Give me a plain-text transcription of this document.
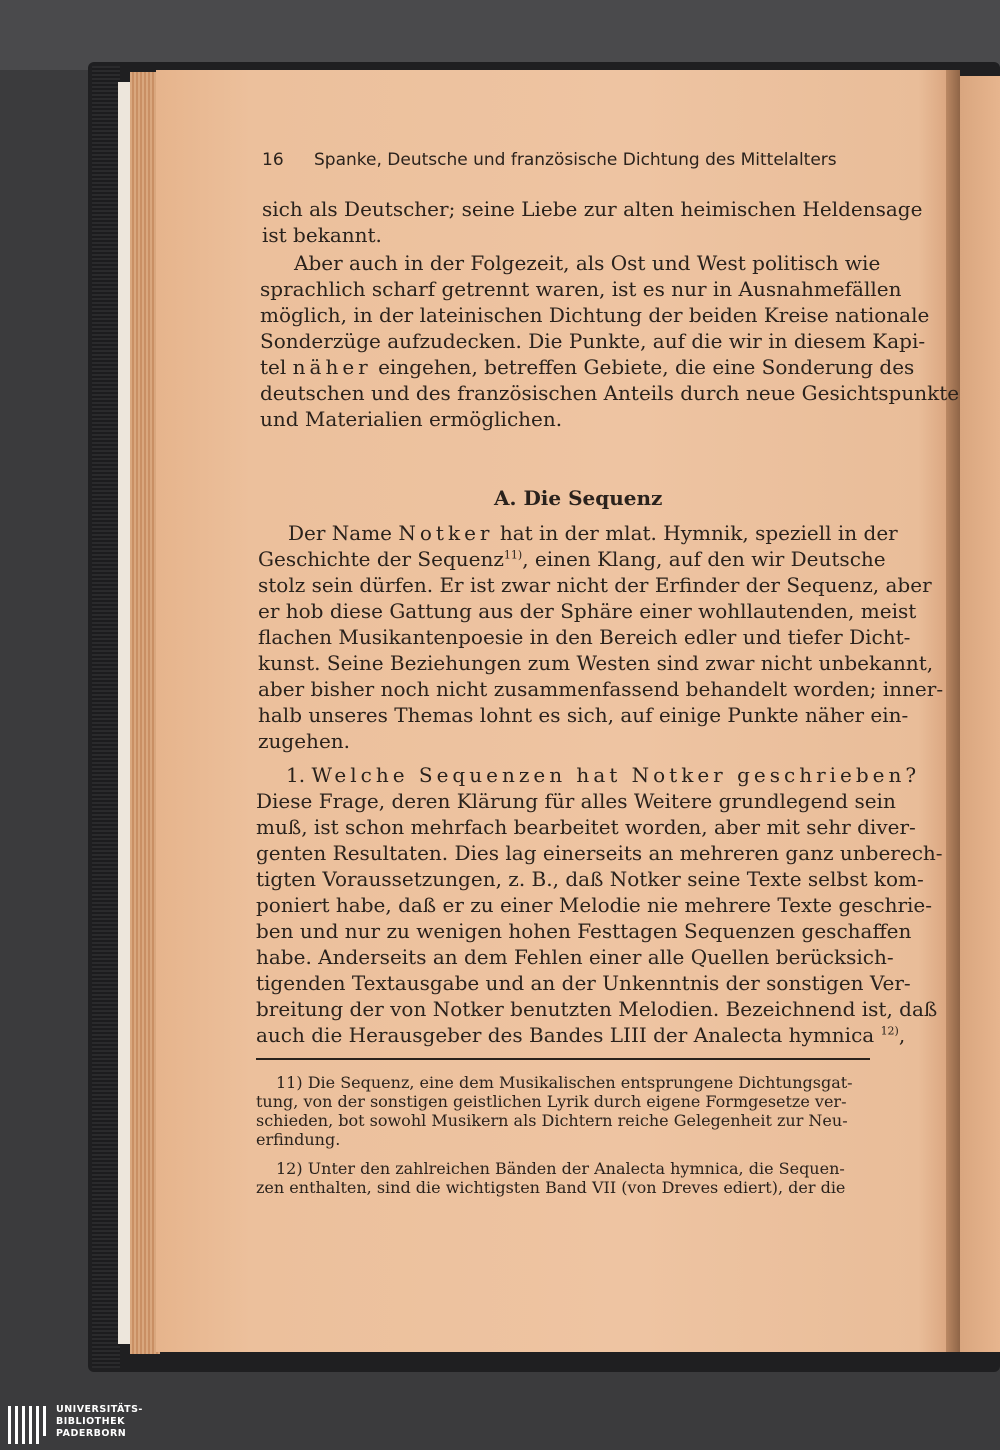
16 Spanke, Deutsche und französische Dichtung des Mittelalters
sich als Deutscher; seine Liebe zur alten heimischen Heldensage
ist bekannt.
Aber auch in der Folgezeit, als Ost und West politisch wie
sprachlich scharf getrennt waren, ist es nur in Ausnahmefällen
möglich, in der lateinischen Dichtung der beiden Kreise nationale
Sonderzüge aufzudecken. Die Punkte, auf die wir in diesem Kapi-
tel näher eingehen, betreffen Gebiete, die eine Sonderung des
deutschen und des französischen Anteils durch neue Gesichtspunkte
und Materialien ermöglichen.
A. Die Sequenz
Der Name Notker hat in der mlat. Hymnik, speziell in der
Geschichte der Sequenz$^{11)}$, einen Klang, auf den wir Deutsche
stolz sein dürfen. Er ist zwar nicht der Erfinder der Sequenz, aber
er hob diese Gattung aus der Sphäre einer wohllautenden, meist
flachen Musikantenpoesie in den Bereich edler und tiefer Dicht-
kunst. Seine Beziehungen zum Westen sind zwar nicht unbekannt,
aber bisher noch nicht zusammenfassend behandelt worden; inner-
halb unseres Themas lohnt es sich, auf einige Punkte näher ein-
zugehen.
1. Welche Sequenzen hat Notker geschrieben?
Diese Frage, deren Klärung für alles Weitere grundlegend sein
muß, ist schon mehrfach bearbeitet worden, aber mit sehr diver-
genten Resultaten. Dies lag einerseits an mehreren ganz unberech-
tigten Voraussetzungen, z. B., daß Notker seine Texte selbst kom-
poniert habe, daß er zu einer Melodie nie mehrere Texte geschrie-
ben und nur zu wenigen hohen Festtagen Sequenzen geschaffen
habe. Anderseits an dem Fehlen einer alle Quellen berücksich-
tigenden Textausgabe und an der Unkenntnis der sonstigen Ver-
breitung der von Notker benutzten Melodien. Bezeichnend ist, daß
auch die Herausgeber des Bandes LIII der Analecta hymnica $^{12)}$,
11) Die Sequenz, eine dem Musikalischen entsprungene Dichtungsgat-
tung, von der sonstigen geistlichen Lyrik durch eigene Formgesetze ver-
schieden, bot sowohl Musikern als Dichtern reiche Gelegenheit zur Neu-
erfindung.
12) Unter den zahlreichen Bänden der Analecta hymnica, die Sequen-
zen enthalten, sind die wichtigsten Band VII (von Dreves ediert), der die
UNIVERSITÄTS-
BIBLIOTHEK
PADERBORN
